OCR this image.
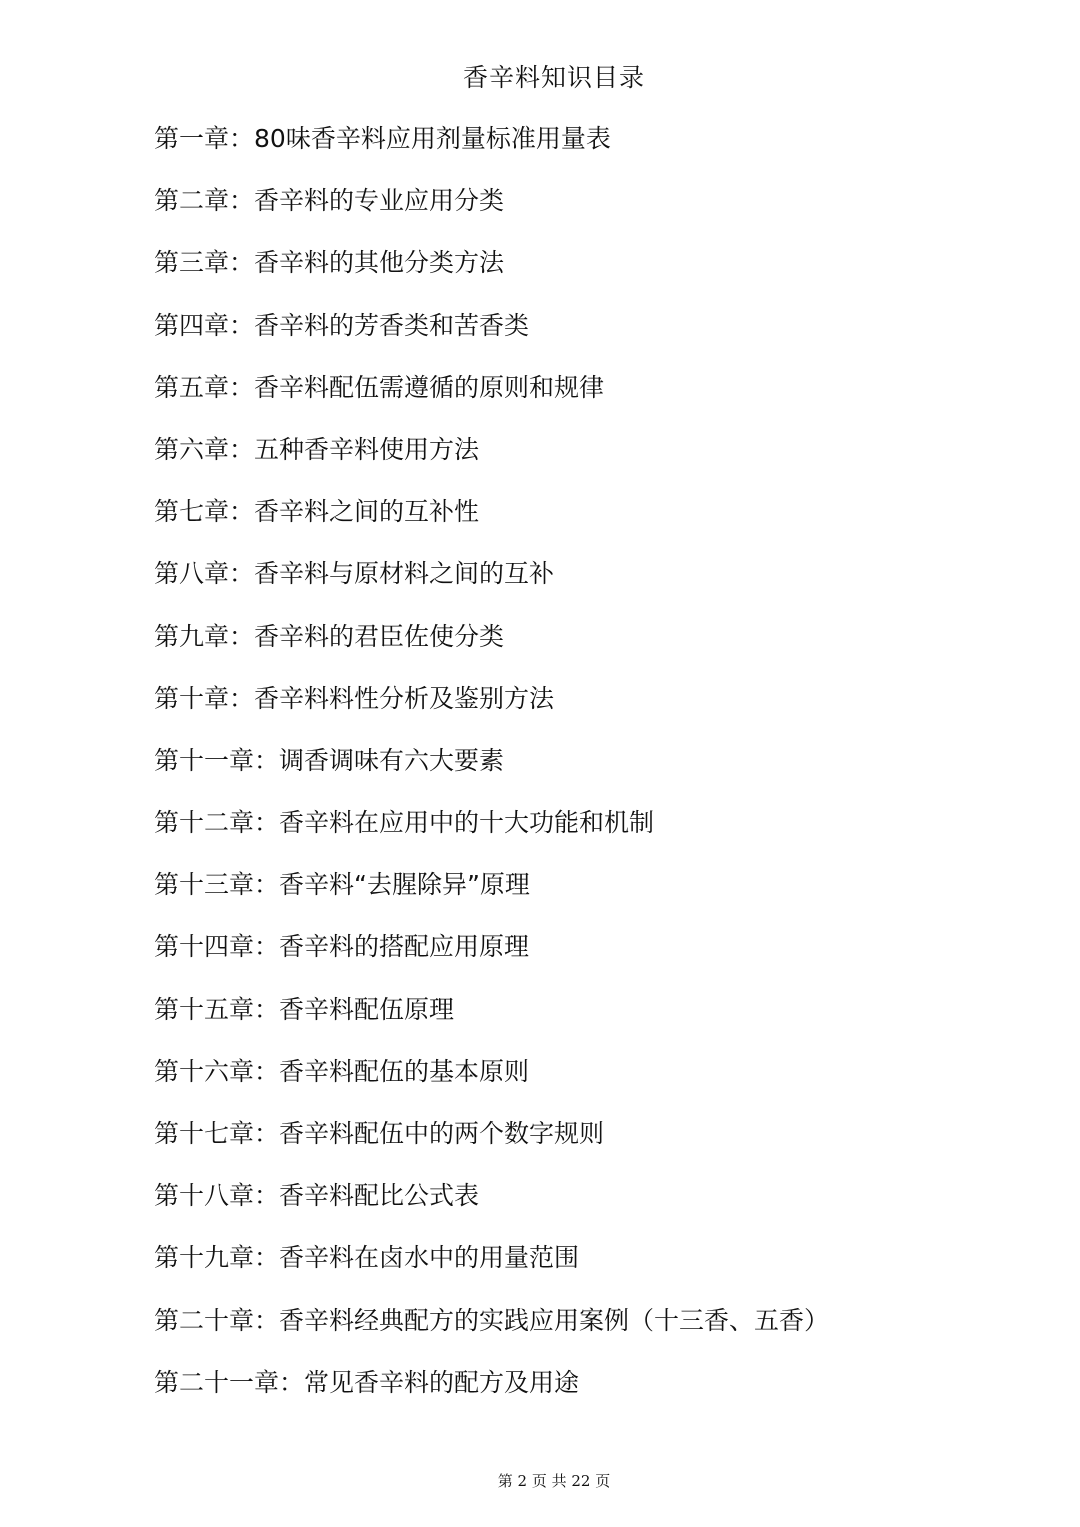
香辛料知识目录
第一章：80味香辛料应用剂量标准用量表
第二章：香辛料的专业应用分类
第三章：香辛料的其他分类方法
第四章：香辛料的芳香类和苦香类
第五章：香辛料配伍需遵循的原则和规律
第六章：五种香辛料使用方法
第七章：香辛料之间的互补性
第八章：香辛料与原材料之间的互补
第九章：香辛料的君臣佐使分类
第十章：香辛料料性分析及鉴别方法
第十一章：调香调味有六大要素
第十二章：香辛料在应用中的十大功能和机制
第十三章：香辛料“去腥除异”原理
第十四章：香辛料的搭配应用原理
第十五章：香辛料配伍原理
第十六章：香辛料配伍的基本原则
第十七章：香辛料配伍中的两个数字规则
第十八章：香辛料配比公式表
第十九章：香辛料在卤水中的用量范围
第二十章：香辛料经典配方的实践应用案例（十三香、五香）
第二十一章：常见香辛料的配方及用途
第 2 页 共 22 页
